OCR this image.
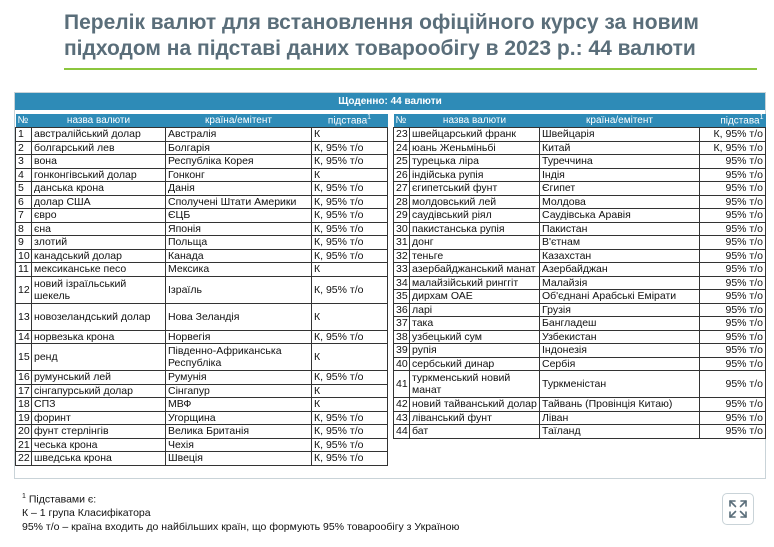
Перелік валют для встановлення офіційного курсу за новим підходом на підставі даних товарообігу в 2023 р.: 44 валюти
Щоденно: 44 валюти
№	назва валюти	країна/емітент	підстава$^1$
1	австралійський долар	Австралія	К
2	болгарський лев	Болгарія	К, 95% т/о
3	вона	Республіка Корея	К, 95% т/о
4	гонконгівський долар	Гонконг	К
5	данська крона	Данія	К, 95% т/о
6	долар США	Сполучені Штати Америки	К, 95% т/о
7	євро	ЄЦБ	К, 95% т/о
8	єна	Японія	К, 95% т/о
9	злотий	Польща	К, 95% т/о
10	канадський долар	Канада	К, 95% т/о
11	мексиканське песо	Мексика	К
12	новий ізраїльський шекель	Ізраїль	К, 95% т/о
13	новозеландський долар	Нова Зеландія	К
14	норвезька крона	Норвегія	К, 95% т/о
15	ренд	Південно-Африканська Республіка	К
16	румунський лей	Румунія	К, 95% т/о
17	сінгапурський долар	Сінгапур	К
18	СПЗ	МВФ	К
19	форинт	Угорщина	К, 95% т/о
20	фунт стерлінгів	Велика Британія	К, 95% т/о
21	чеська крона	Чехія	К, 95% т/о
22	шведська крона	Швеція	К, 95% т/о
№	назва валюти	країна/емітент	підстава$^1$
23	швейцарський франк	Швейцарія	К, 95% т/о
24	юань Женьміньбі	Китай	К, 95% т/о
25	турецька ліра	Туреччина	95% т/о
26	індійська рупія	Індія	95% т/о
27	єгипетський фунт	Єгипет	95% т/о
28	молдовський лей	Молдова	95% т/о
29	саудівський ріял	Саудівська Аравія	95% т/о
30	пакистанська рупія	Пакистан	95% т/о
31	донг	В'єтнам	95% т/о
32	теньге	Казахстан	95% т/о
33	азербайджанський манат	Азербайджан	95% т/о
34	малайзійський ринггіт	Малайзія	95% т/о
35	дирхам ОАЕ	Об'єднані Арабські Емірати	95% т/о
36	ларі	Грузія	95% т/о
37	така	Бангладеш	95% т/о
38	узбецький сум	Узбекистан	95% т/о
39	рупія	Індонезія	95% т/о
40	сербський динар	Сербія	95% т/о
41	туркменський новий манат	Туркменістан	95% т/о
42	новий тайванський долар	Тайвань (Провінція Китаю)	95% т/о
43	ліванський фунт	Ліван	95% т/о
44	бат	Таїланд	95% т/о
$^1$ Підставами є:
К – 1 група Класифікатора
95% т/о – країна входить до найбільших країн, що формують 95% товарообігу з Україною
